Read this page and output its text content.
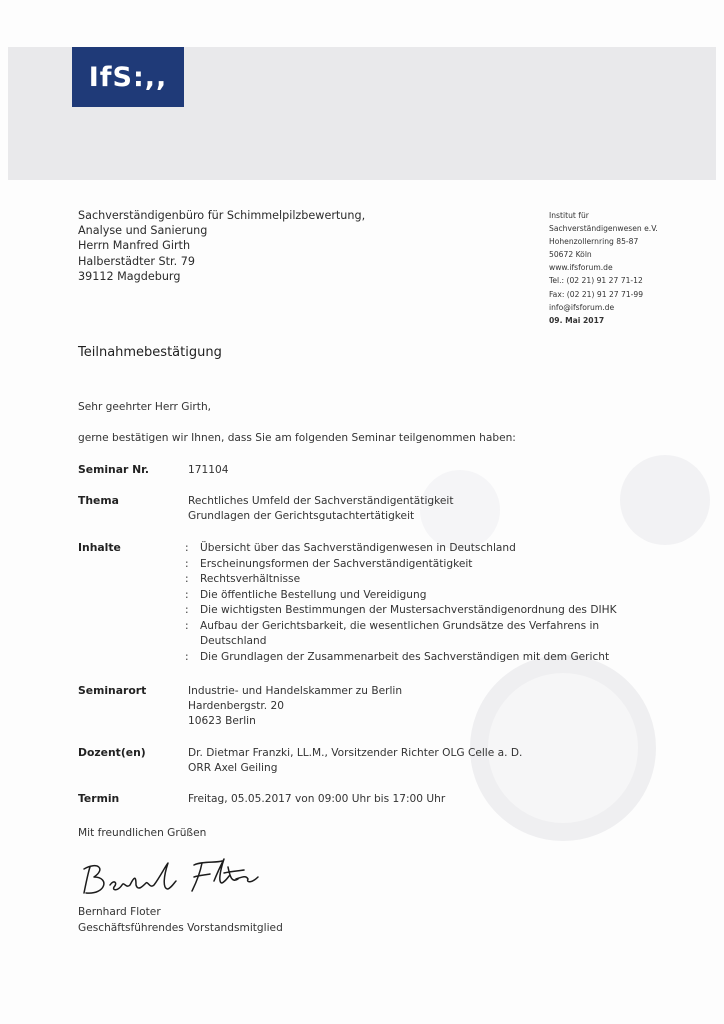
IfS:,,
Sachverständigenbüro für Schimmelpilzbewertung,
Analyse und Sanierung
Herrn Manfred Girth
Halberstädter Str. 79
39112 Magdeburg
Institut für
Sachverständigenwesen e.V.
Hohenzollernring 85-87
50672 Köln
www.ifsforum.de
Tel.: (02 21) 91 27 71-12
Fax: (02 21) 91 27 71-99
info@ifsforum.de
09. Mai 2017
Teilnahmebestätigung
Sehr geehrter Herr Girth,
gerne bestätigen wir Ihnen, dass Sie am folgenden Seminar teilgenommen haben:
Seminar Nr.	171104
Thema	Rechtliches Umfeld der Sachverständigentätigkeit
Grundlagen der Gerichtsgutachtertätigkeit
Inhalte	: Übersicht über das Sachverständigenwesen in Deutschland
: Erscheinungsformen der Sachverständigentätigkeit
: Rechtsverhältnisse
: Die öffentliche Bestellung und Vereidigung
: Die wichtigsten Bestimmungen der Mustersachverständigenordnung des DIHK
: Aufbau der Gerichtsbarkeit, die wesentlichen Grundsätze des Verfahrens in Deutschland
: Die Grundlagen der Zusammenarbeit des Sachverständigen mit dem Gericht
Seminarort	Industrie- und Handelskammer zu Berlin
Hardenbergstr. 20
10623 Berlin
Dozent(en)	Dr. Dietmar Franzki, LL.M., Vorsitzender Richter OLG Celle a. D.
ORR Axel Geiling
Termin	Freitag, 05.05.2017 von 09:00 Uhr bis 17:00 Uhr
Mit freundlichen Grüßen
Bernhard Floter
Geschäftsführendes Vorstandsmitglied
